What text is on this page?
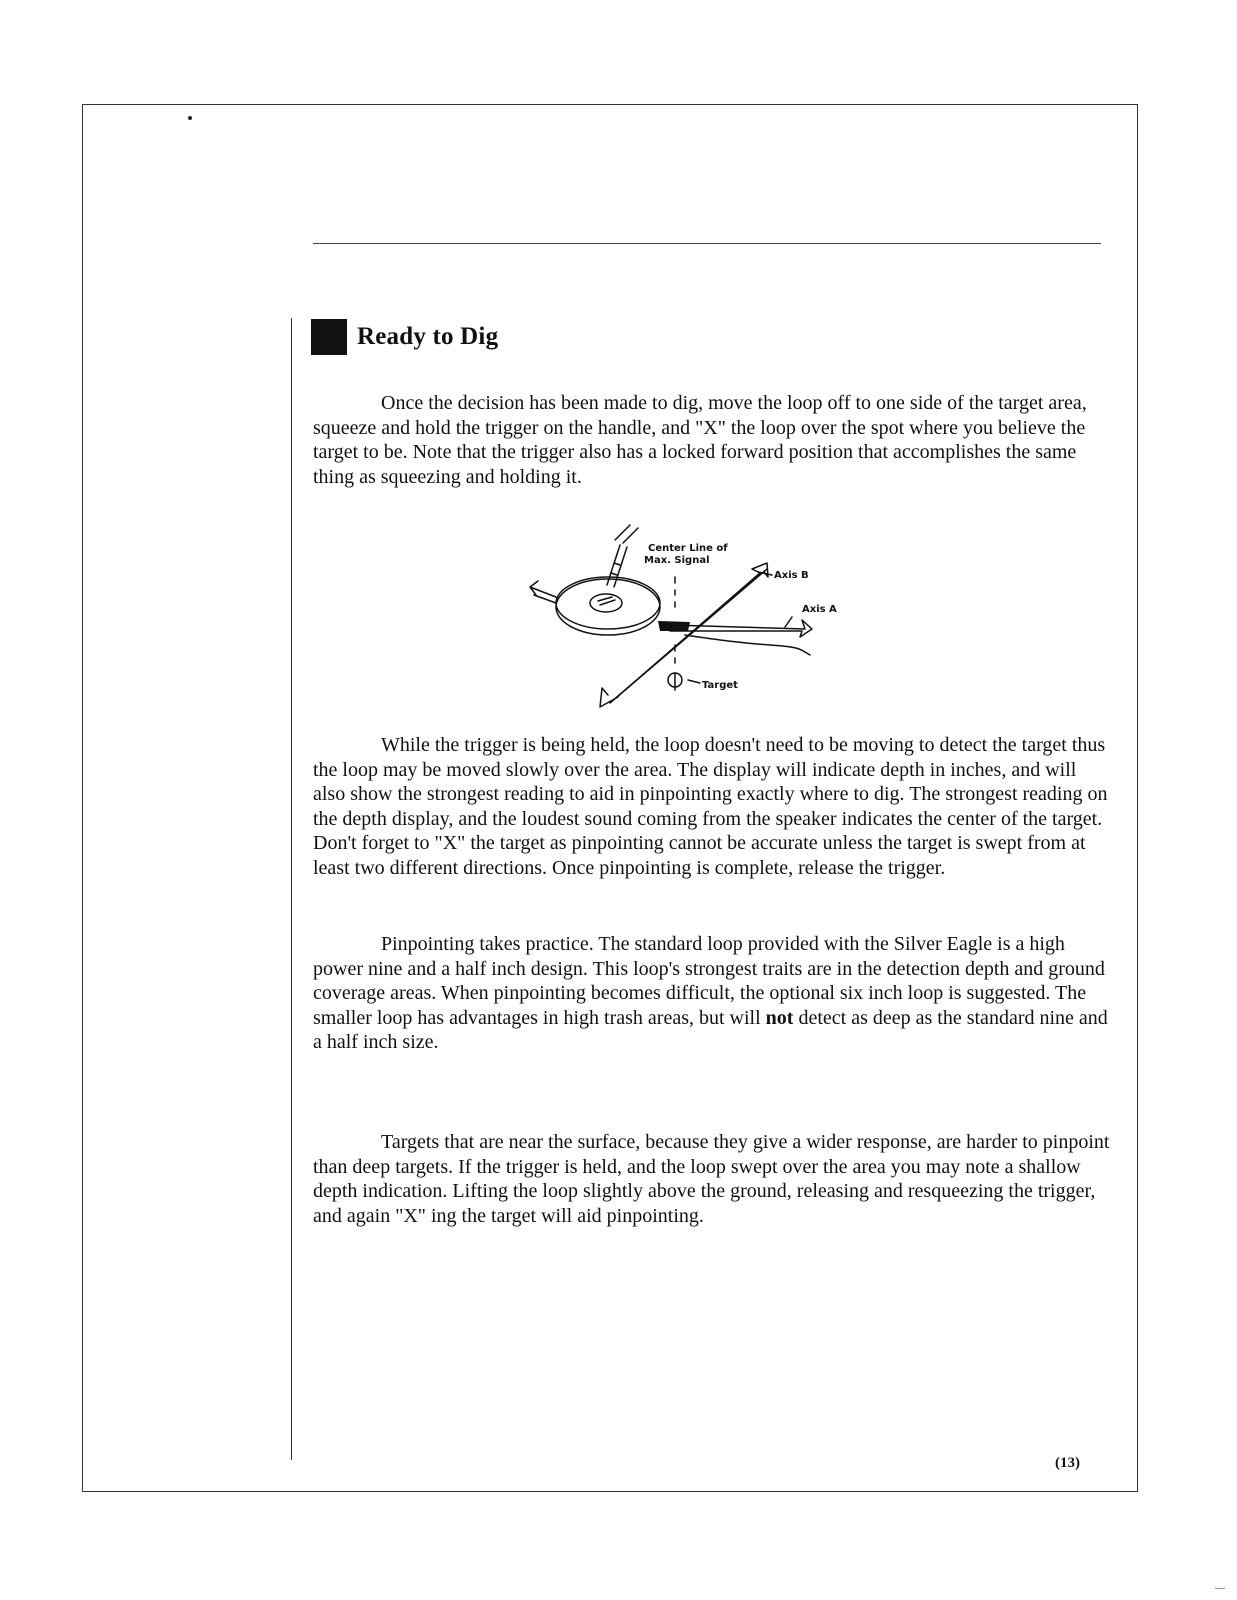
Ready to Dig

Once the decision has been made to dig, move the loop off to one side of the target area, squeeze and hold the trigger on the handle, and "X" the loop over the spot where you believe the target to be. Note that the trigger also has a locked forward position that accomplishes the same thing as squeezing and holding it.

Center Line of
Max. Signal
Axis B
Axis A
Target

While the trigger is being held, the loop doesn't need to be moving to detect the target thus the loop may be moved slowly over the area. The display will indicate depth in inches, and will also show the strongest reading to aid in pinpointing exactly where to dig. The strongest reading on the depth display, and the loudest sound coming from the speaker indicates the center of the target. Don't forget to "X" the target as pinpointing cannot be accurate unless the target is swept from at least two different directions. Once pinpointing is complete, release the trigger.

Pinpointing takes practice. The standard loop provided with the Silver Eagle is a high power nine and a half inch design. This loop's strongest traits are in the detection depth and ground coverage areas. When pinpointing becomes difficult, the optional six inch loop is suggested. The smaller loop has advantages in high trash areas, but will not detect as deep as the standard nine and a half inch size.

Targets that are near the surface, because they give a wider response, are harder to pinpoint than deep targets. If the trigger is held, and the loop swept over the area you may note a shallow depth indication. Lifting the loop slightly above the ground, releasing and resqueezing the trigger, and again "X" ing the target will aid pinpointing.

(13)
